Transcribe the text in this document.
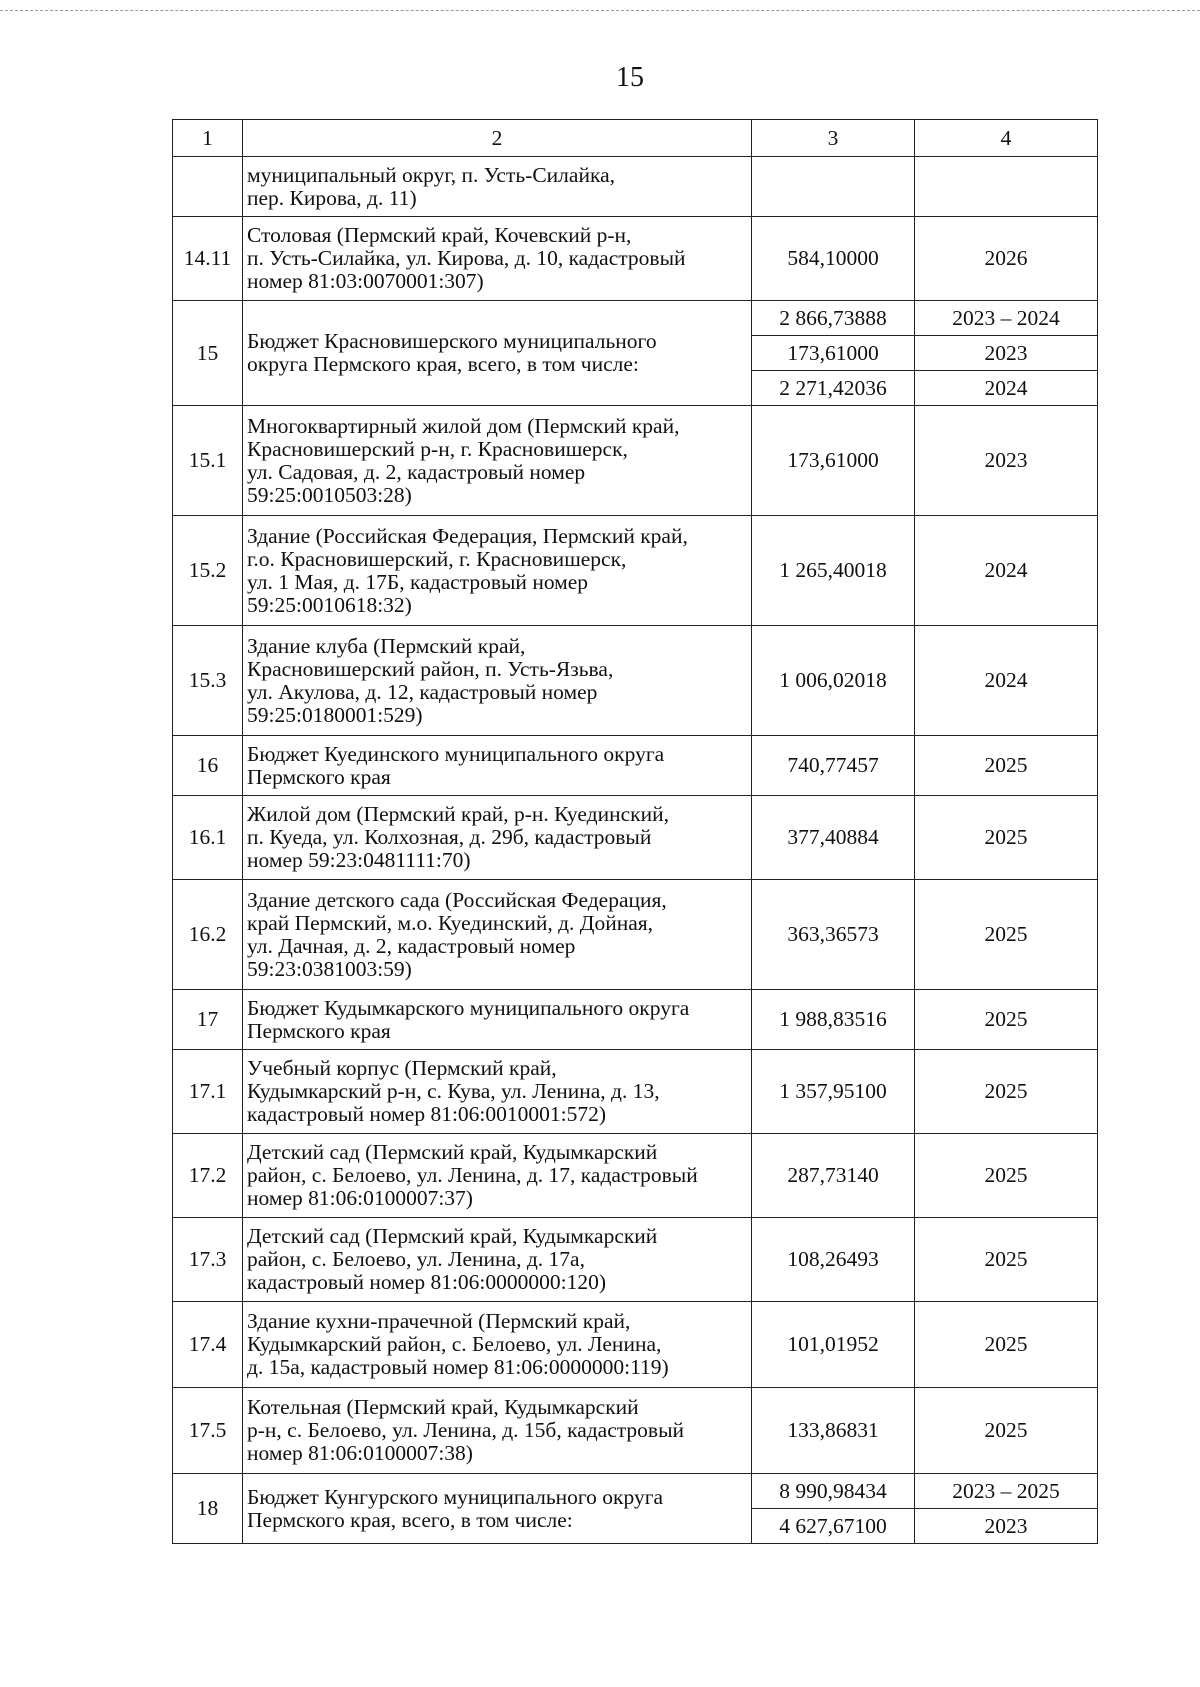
15
1	2	3	4
	муниципальный округ, п. Усть-Силайка,
пер. Кирова, д. 11)		
14.11	Столовая (Пермский край, Кочевский р-н,
п. Усть-Силайка, ул. Кирова, д. 10, кадастровый
номер 81:03:0070001:307)	584,10000	2026
15	Бюджет Красновишерского муниципального
округа Пермского края, всего, в том числе:	2 866,73888	2023 – 2024
		173,61000	2023
		2 271,42036	2024
15.1	Многоквартирный жилой дом (Пермский край,
Красновишерский р-н, г. Красновишерск,
ул. Садовая, д. 2, кадастровый номер
59:25:0010503:28)	173,61000	2023
15.2	Здание (Российская Федерация, Пермский край,
г.о. Красновишерский, г. Красновишерск,
ул. 1 Мая, д. 17Б, кадастровый номер
59:25:0010618:32)	1 265,40018	2024
15.3	Здание клуба (Пермский край,
Красновишерский район, п. Усть-Язьва,
ул. Акулова, д. 12, кадастровый номер
59:25:0180001:529)	1 006,02018	2024
16	Бюджет Куединского муниципального округа
Пермского края	740,77457	2025
16.1	Жилой дом (Пермский край, р-н. Куединский,
п. Куеда, ул. Колхозная, д. 29б, кадастровый
номер 59:23:0481111:70)	377,40884	2025
16.2	Здание детского сада (Российская Федерация,
край Пермский, м.о. Куединский, д. Дойная,
ул. Дачная, д. 2, кадастровый номер
59:23:0381003:59)	363,36573	2025
17	Бюджет Кудымкарского муниципального округа
Пермского края	1 988,83516	2025
17.1	Учебный корпус (Пермский край,
Кудымкарский р-н, с. Кува, ул. Ленина, д. 13,
кадастровый номер 81:06:0010001:572)	1 357,95100	2025
17.2	Детский сад (Пермский край, Кудымкарский
район, с. Белоево, ул. Ленина, д. 17, кадастровый
номер 81:06:0100007:37)	287,73140	2025
17.3	Детский сад (Пермский край, Кудымкарский
район, с. Белоево, ул. Ленина, д. 17а,
кадастровый номер 81:06:0000000:120)	108,26493	2025
17.4	Здание кухни-прачечной (Пермский край,
Кудымкарский район, с. Белоево, ул. Ленина,
д. 15а, кадастровый номер 81:06:0000000:119)	101,01952	2025
17.5	Котельная (Пермский край, Кудымкарский
р-н, с. Белоево, ул. Ленина, д. 15б, кадастровый
номер 81:06:0100007:38)	133,86831	2025
18	Бюджет Кунгурского муниципального округа
Пермского края, всего, в том числе:	8 990,98434	2023 – 2025
		4 627,67100	2023
